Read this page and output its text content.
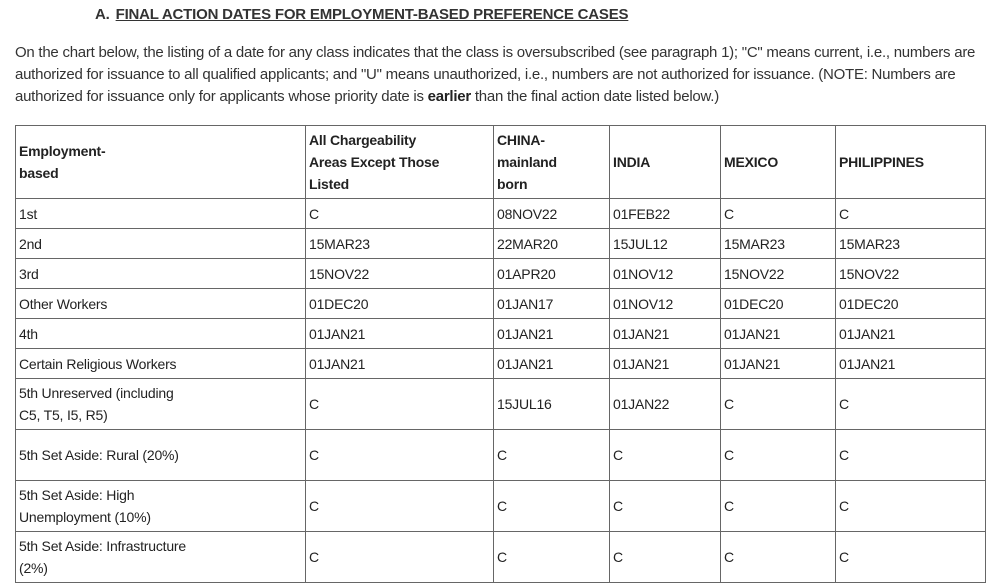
A. FINAL ACTION DATES FOR EMPLOYMENT-BASED PREFERENCE CASES
On the chart below, the listing of a date for any class indicates that the class is oversubscribed (see paragraph 1); "C" means current, i.e., numbers are authorized for issuance to all qualified applicants; and "U" means unauthorized, i.e., numbers are not authorized for issuance. (NOTE: Numbers are authorized for issuance only for applicants whose priority date is earlier than the final action date listed below.)
Employment-based	All Chargeability Areas Except Those Listed	CHINA-mainland born	INDIA	MEXICO	PHILIPPINES
1st	C	08NOV22	01FEB22	C	C
2nd	15MAR23	22MAR20	15JUL12	15MAR23	15MAR23
3rd	15NOV22	01APR20	01NOV12	15NOV22	15NOV22
Other Workers	01DEC20	01JAN17	01NOV12	01DEC20	01DEC20
4th	01JAN21	01JAN21	01JAN21	01JAN21	01JAN21
Certain Religious Workers	01JAN21	01JAN21	01JAN21	01JAN21	01JAN21
5th Unreserved (including C5, T5, I5, R5)	C	15JUL16	01JAN22	C	C
5th Set Aside: Rural (20%)	C	C	C	C	C
5th Set Aside: High Unemployment (10%)	C	C	C	C	C
5th Set Aside: Infrastructure (2%)	C	C	C	C	C
